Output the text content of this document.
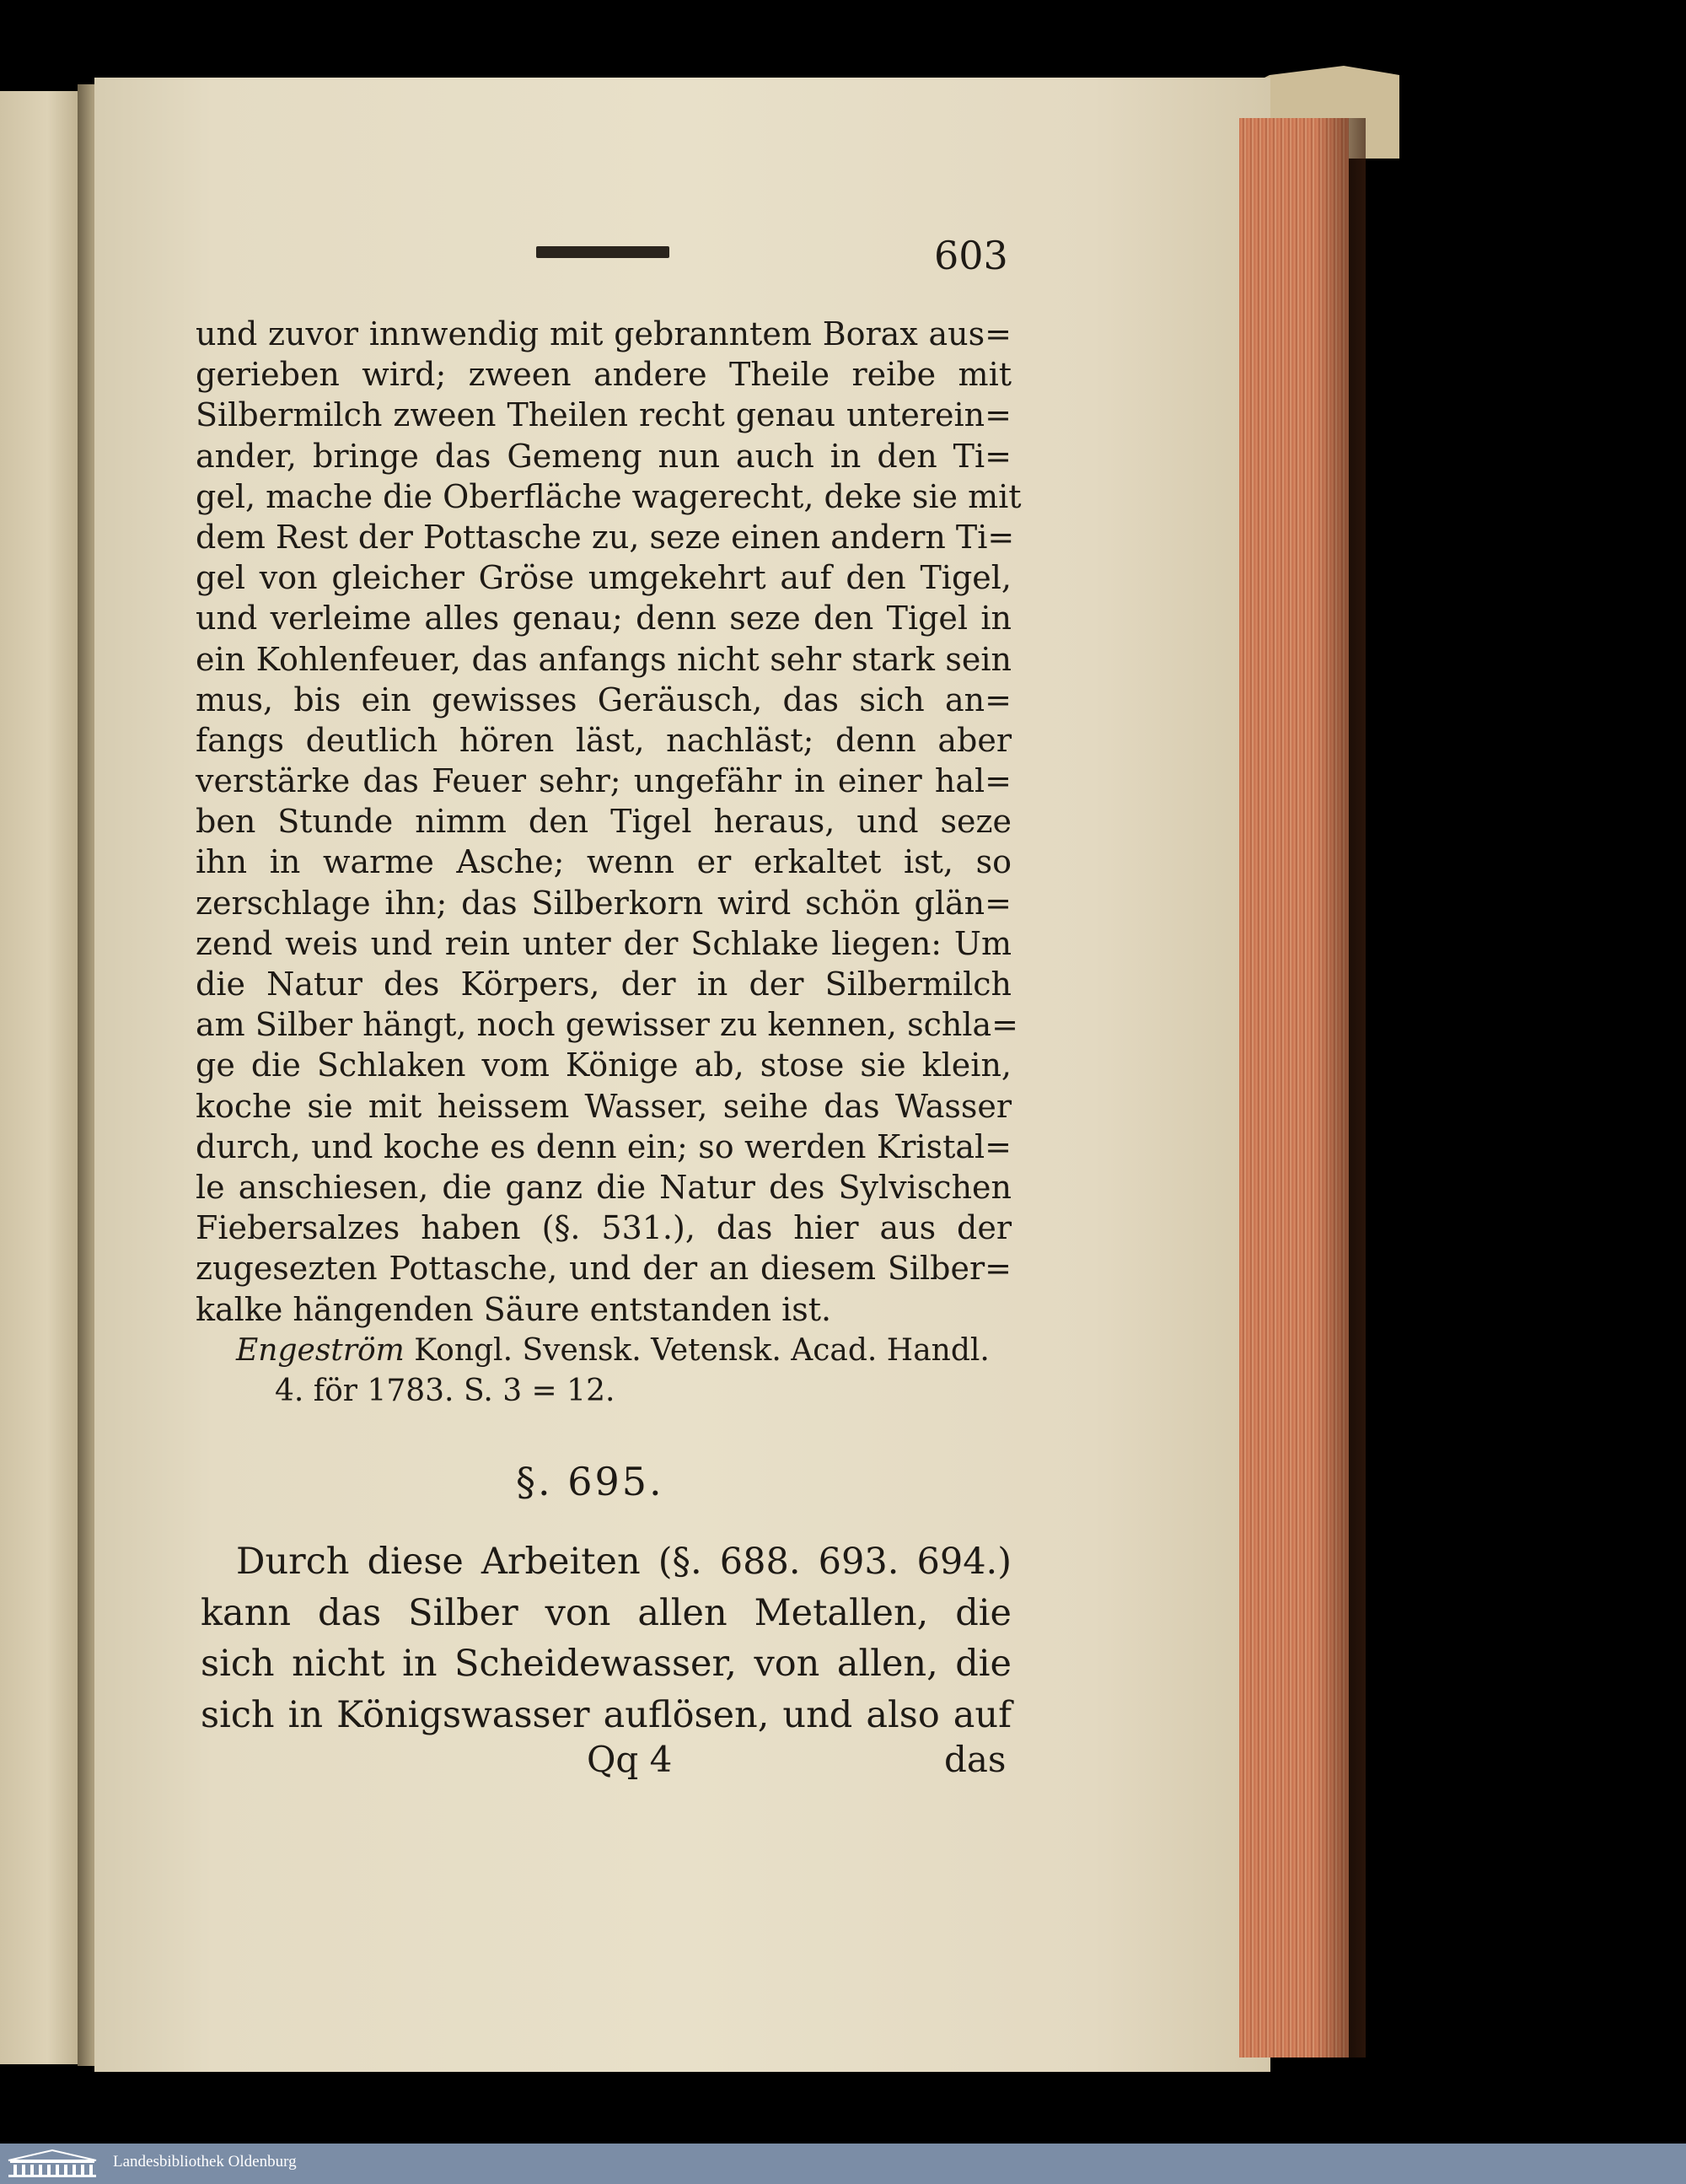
603
und zuvor innwendig mit gebranntem Borax aus=
gerieben wird; zween andere Theile reibe mit
Silbermilch zween Theilen recht genau unterein=
ander, bringe das Gemeng nun auch in den Ti=
gel, mache die Oberfläche wagerecht, deke sie mit
dem Rest der Pottasche zu, seze einen andern Ti=
gel von gleicher Gröse umgekehrt auf den Tigel,
und verleime alles genau; denn seze den Tigel in
ein Kohlenfeuer, das anfangs nicht sehr stark sein
mus, bis ein gewisses Geräusch, das sich an=
fangs deutlich hören läst, nachläst; denn aber
verstärke das Feuer sehr; ungefähr in einer hal=
ben Stunde nimm den Tigel heraus, und seze
ihn in warme Asche; wenn er erkaltet ist, so
zerschlage ihn; das Silberkorn wird schön glän=
zend weis und rein unter der Schlake liegen: Um
die Natur des Körpers, der in der Silbermilch
am Silber hängt, noch gewisser zu kennen, schla=
ge die Schlaken vom Könige ab, stose sie klein,
koche sie mit heissem Wasser, seihe das Wasser
durch, und koche es denn ein; so werden Kristal=
le anschiesen, die ganz die Natur des Sylvischen
Fiebersalzes haben (§. 531.), das hier aus der
zugesezten Pottasche, und der an diesem Silber=
kalke hängenden Säure entstanden ist.
Engeström Kongl. Svensk. Vetensk. Acad. Handl.
4. för 1783. S. 3 = 12.
§. 695.
Durch diese Arbeiten (§. 688. 693. 694.)
kann das Silber von allen Metallen, die
sich nicht in Scheidewasser, von allen, die
sich in Königswasser auflösen, und also auf
Qq 4	das
Landesbibliothek Oldenburg
